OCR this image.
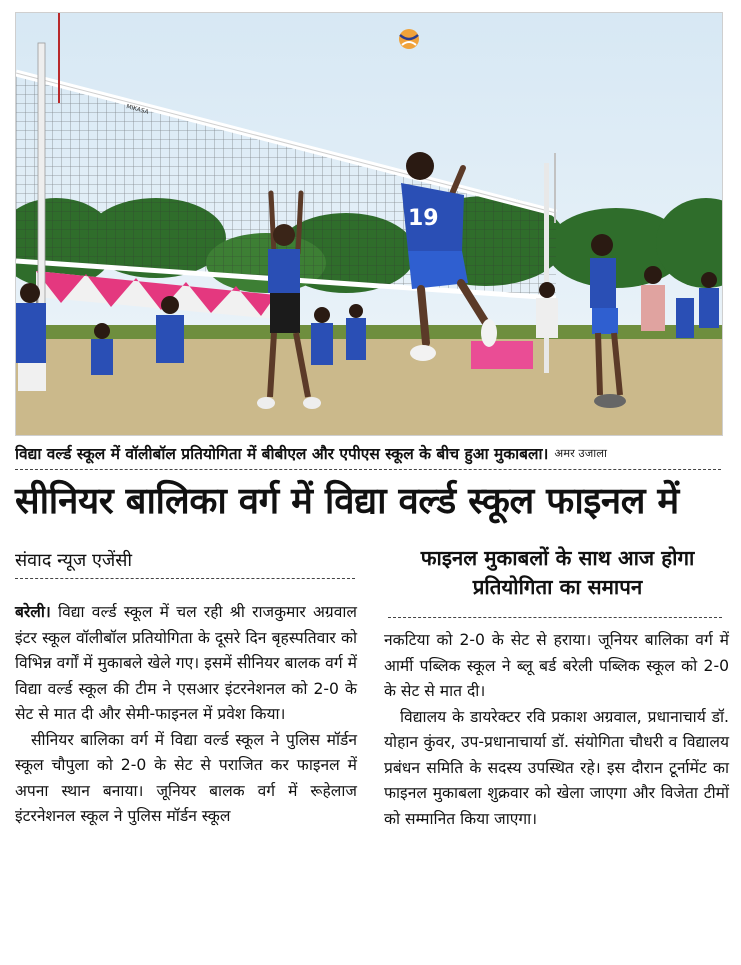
MIKASA
19
विद्या वर्ल्ड स्कूल में वॉलीबॉल प्रतियोगिता में बीबीएल और एपीएस स्कूल के बीच हुआ मुकाबला। अमर उजाला
सीनियर बालिका वर्ग में विद्या वर्ल्ड स्कूल फाइनल में
संवाद न्यूज एजेंसी	फाइनल मुकाबलों के साथ आज होगा
प्रतियोगिता का समापन

बरेली। विद्या वर्ल्ड स्कूल में चल रही श्री राजकुमार अग्रवाल इंटर स्कूल वॉलीबॉल प्रतियोगिता के दूसरे दिन बृहस्पतिवार को विभिन्न वर्गों में मुकाबले खेले गए। इसमें सीनियर बालक वर्ग में विद्या वर्ल्ड स्कूल की टीम ने एसआर इंटरनेशनल को 2-0 के सेट से मात दी और सेमी-फाइनल में प्रवेश किया।

सीनियर बालिका वर्ग में विद्या वर्ल्ड स्कूल ने पुलिस मॉर्डन स्कूल चौपुला को 2-0 के सेट से पराजित कर फाइनल में अपना स्थान बनाया। जूनियर बालक वर्ग में रूहेलाज इंटरनेशनल स्कूल ने पुलिस मॉर्डन स्कूल

नकटिया को 2-0 के सेट से हराया। जूनियर बालिका वर्ग में आर्मी पब्लिक स्कूल ने ब्लू बर्ड बरेली पब्लिक स्कूल को 2-0 के सेट से मात दी।

विद्यालय के डायरेक्टर रवि प्रकाश अग्रवाल, प्रधानाचार्य डॉ. योहान कुंवर, उप-प्रधानाचार्या डॉ. संयोगिता चौधरी व विद्यालय प्रबंधन समिति के सदस्य उपस्थित रहे। इस दौरान टूर्नामेंट का फाइनल मुकाबला शुक्रवार को खेला जाएगा और विजेता टीमों को सम्मानित किया जाएगा।
